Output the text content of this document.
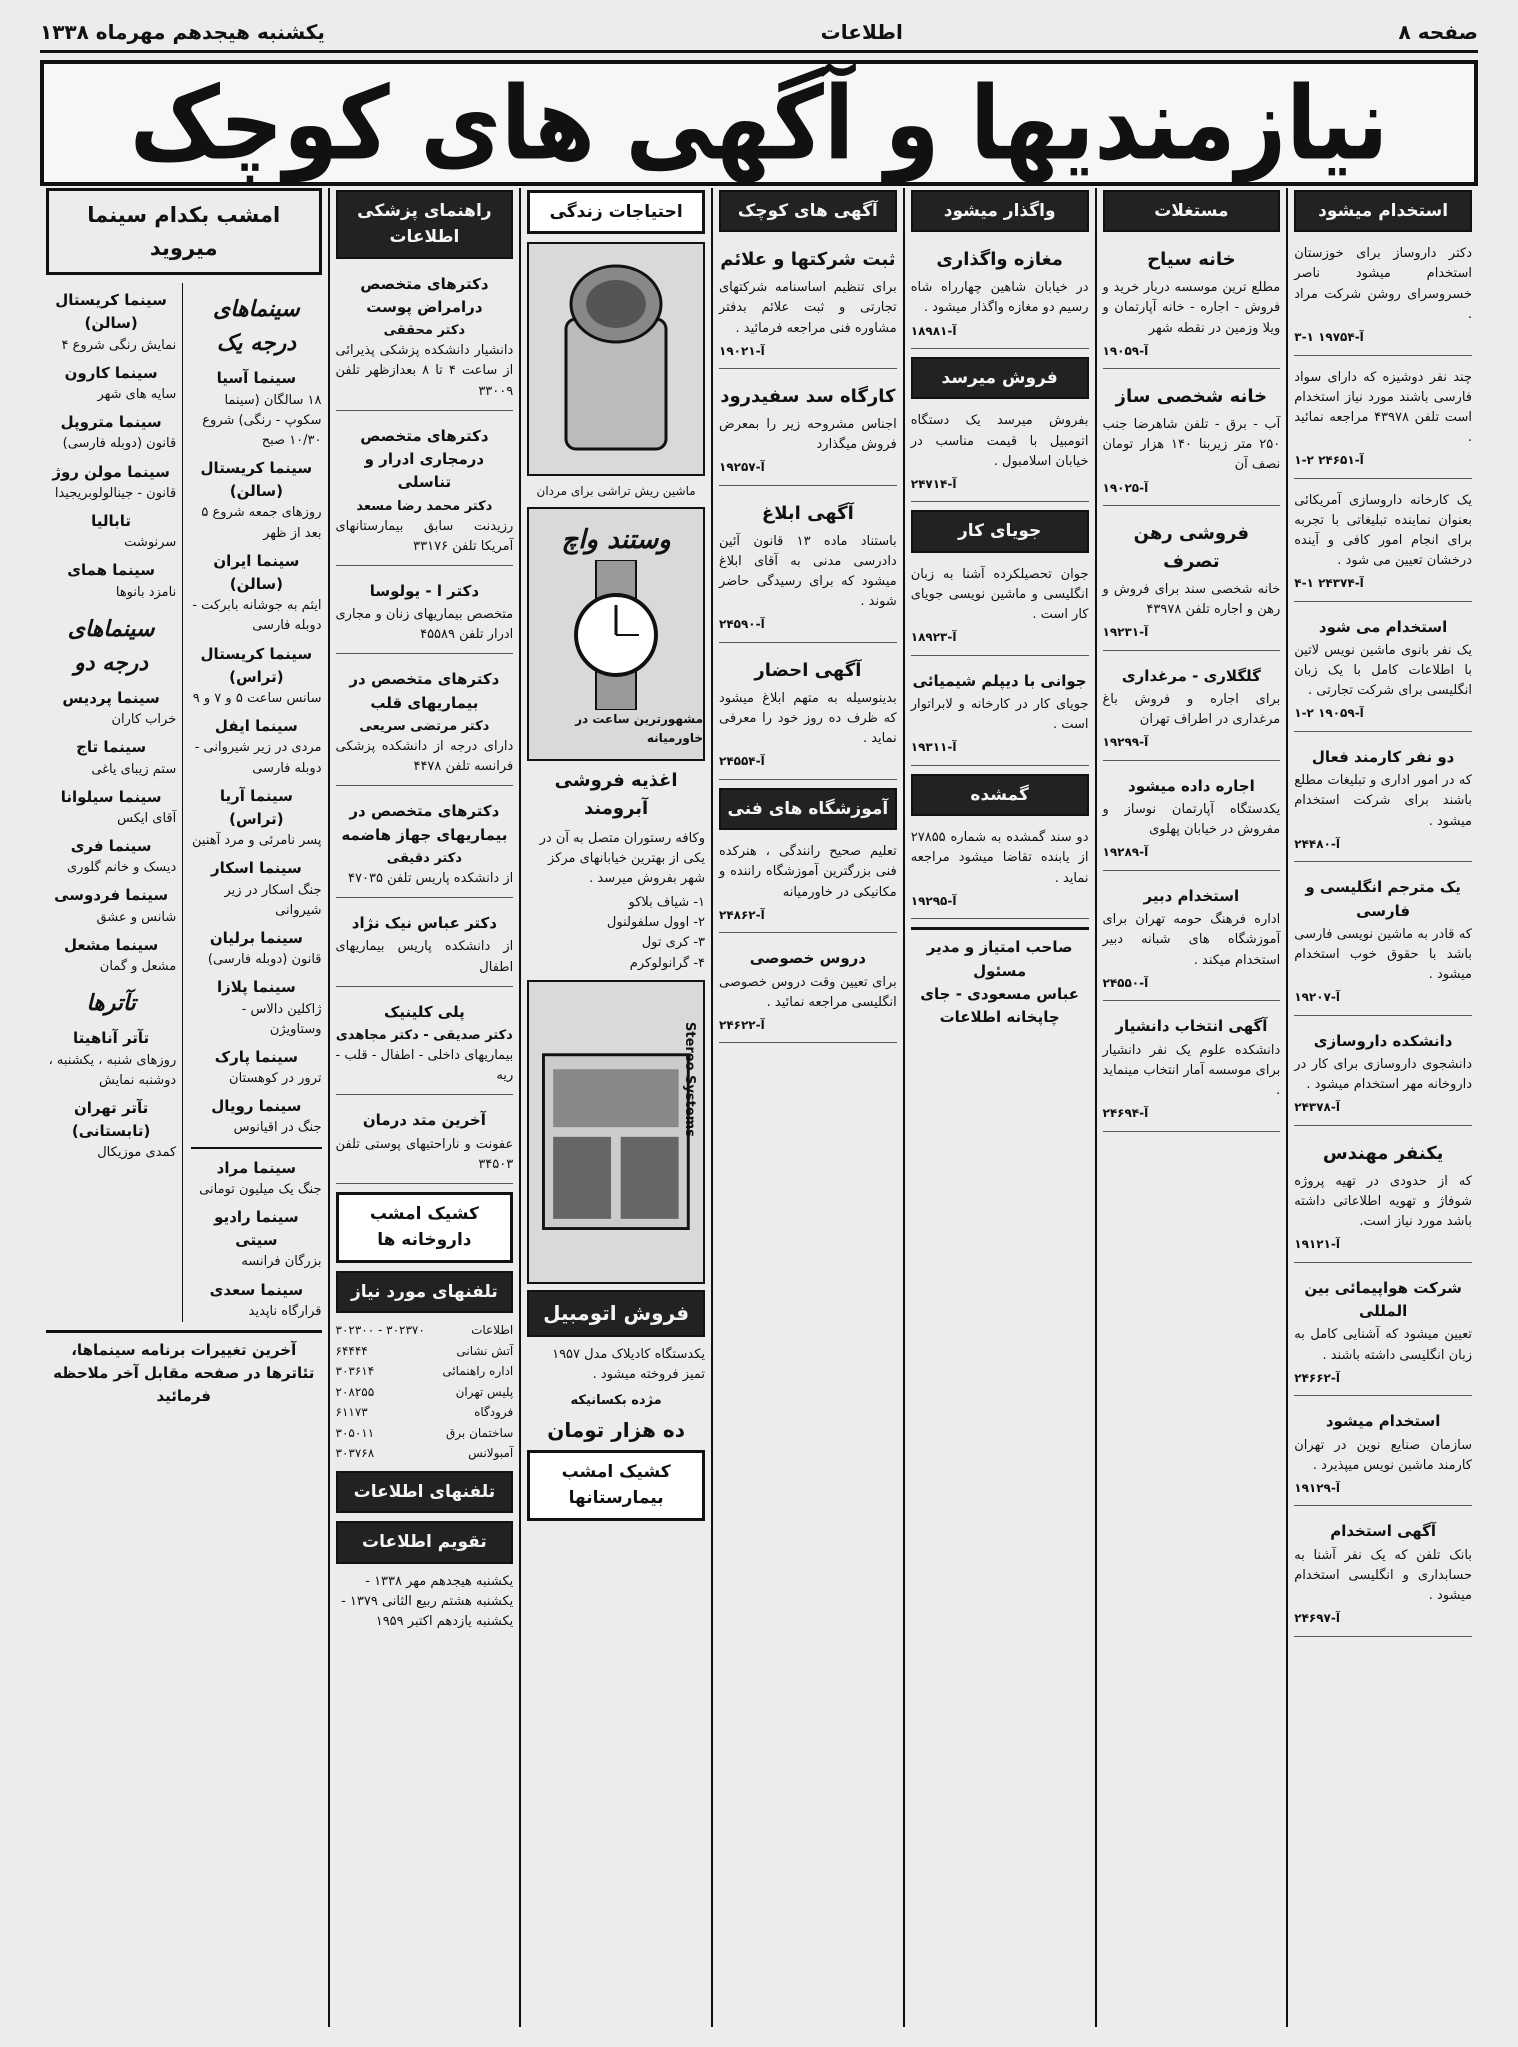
صفحه ۸
اطلاعات
یکشنبه هیجدهم مهرماه ۱۳۳۸
نیازمندیها و آگهی های کوچک
استخدام میشود

دکتر داروساز برای خوزستان استخدام میشود ناصر خسروسرای روشن شرکت مراد .

۳-۱ آ-۱۹۷۵۴

چند نفر دوشیزه که دارای سواد فارسی باشند مورد نیاز استخدام است تلفن ۴۳۹۷۸ مراجعه نمائید .

۱-۲ آ-۲۴۶۵۱

یک کارخانه داروسازی آمریکائی بعنوان نماینده تبلیغاتی با تجربه برای انجام امور کافی و آینده درخشان تعیین می شود .

۴-۱ آ-۲۴۳۷۴
استخدام می شود

یک نفر بانوی ماشین نویس لاتین با اطلاعات کامل با یک زبان انگلیسی برای شرکت تجارتی .

۱-۲ آ-۱۹۰۵۹
دو نفر کارمند فعال

که در امور اداری و تبلیغات مطلع باشند برای شرکت استخدام میشود .

آ-۲۴۴۸۰
یک مترجم انگلیسی و فارسی

که قادر به ماشین نویسی فارسی باشد با حقوق خوب استخدام میشود .

آ-۱۹۲۰۷
دانشکده داروسازی

دانشجوی داروسازی برای کار در داروخانه مهر استخدام میشود .

آ-۲۴۳۷۸
یکنفر مهندس

که از حدودی در تهیه پروژه شوفاژ و تهویه اطلاعاتی داشته باشد مورد نیاز است.

آ-۱۹۱۲۱
شرکت هواپیمائی بین المللی

تعیین میشود که آشنایی کامل به زبان انگلیسی داشته باشند .

آ-۲۴۶۶۲
استخدام میشود

سازمان صنایع نوین در تهران کارمند ماشین نویس میپذیرد .

آ-۱۹۱۲۹
آگهی استخدام

بانک تلفن که یک نفر آشنا به حسابداری و انگلیسی استخدام میشود .

آ-۲۴۶۹۷
مستغلات
خانه سیاح

مطلع ترین موسسه دربار خرید و فروش - اجاره - خانه آپارتمان و ویلا وزمین در نقطه شهر

آ-۱۹۰۵۹
خانه شخصی ساز

آب - برق - تلفن شاهرضا جنب ۲۵۰ متر زیربنا ۱۴۰ هزار تومان نصف آن

آ-۱۹۰۲۵
فروشی رهن تصرف

خانه شخصی سند برای فروش و رهن و اجاره تلفن ۴۳۹۷۸

آ-۱۹۲۳۱
گلگلاری - مرغداری

برای اجاره و فروش باغ مرغداری در اطراف تهران

آ-۱۹۲۹۹
اجاره داده میشود

یکدستگاه آپارتمان نوساز و مفروش در خیابان پهلوی

آ-۱۹۲۸۹
استخدام دبیر

اداره فرهنگ حومه تهران برای آموزشگاه های شبانه دبیر استخدام میکند .

آ-۲۴۵۵۰
آگهی انتخاب دانشیار

دانشکده علوم یک نفر دانشیار برای موسسه آمار انتخاب مینماید .

آ-۲۴۶۹۴
واگذار میشود
مغازه واگذاری

در خیابان شاهین چهارراه شاه رسیم دو مغازه واگذار میشود .

آ-۱۸۹۸۱
فروش میرسد

بفروش میرسد یک دستگاه اتومبیل با قیمت مناسب در خیابان اسلامبول .

آ-۲۴۷۱۴
جویای کار

جوان تحصیلکرده آشنا به زبان انگلیسی و ماشین نویسی جویای کار است .

آ-۱۸۹۲۳
جوانی با دیپلم شیمیائی

جویای کار در کارخانه و لابراتوار است .

آ-۱۹۳۱۱
گمشده

دو سند گمشده به شماره ۲۷۸۵۵ از یابنده تقاضا میشود مراجعه نماید .

آ-۱۹۲۹۵
صاحب امتیاز و مدیر مسئول
عباس مسعودی - جای چاپخانه اطلاعات
آگهی های کوچک
ثبت شرکتها و علائم

برای تنظیم اساسنامه شرکتهای تجارتی و ثبت علائم بدفتر مشاوره فنی مراجعه فرمائید .

آ-۱۹۰۲۱
کارگاه سد سفیدرود

اجناس مشروحه زیر را بمعرض فروش میگذارد

آ-۱۹۲۵۷
آگهی ابلاغ

باستناد ماده ۱۳ قانون آئین دادرسی مدنی به آقای ابلاغ میشود که برای رسیدگی حاضر شوند .

آ-۲۴۵۹۰
آگهی احضار

بدینوسیله به متهم ابلاغ میشود که ظرف ده روز خود را معرفی نماید .

آ-۲۴۵۵۴
آموزشگاه های فنی

تعلیم صحیح رانندگی ، هنرکده فنی بزرگترین آموزشگاه راننده و مکانیکی در خاورمیانه

آ-۲۴۸۶۲
دروس خصوصی

برای تعیین وقت دروس خصوصی انگلیسی مراجعه نمائید .

آ-۲۴۶۲۲
احتیاجات زندگی
ماشین ریش تراشی برای مردان
وستند واچ
مشهورترین ساعت در خاورمیانه
اغذیه فروشی آبرومند

وکافه رستوران متصل به آن در یکی از بهترین خیابانهای مرکز شهر بفروش میرسد .

۱- شیاف بلاکو
۲- اوول سلفولنول
۳- کری تول
۴- گرانولوکرم
Stereo Systems
فروش اتومبیل

یکدستگاه کادیلاک مدل ۱۹۵۷ تمیز فروخته میشود .

مژده بکسانیکه
ده هزار تومان
کشیک امشب بیمارستانها
راهنمای پزشکی اطلاعات
دکترهای متخصص درامراض پوست
دکتر محققی

دانشیار دانشکده پزشکی پذیرائی از ساعت ۴ تا ۸ بعدازظهر تلفن ۳۳۰۰۹

دکترهای متخصص درمجاری ادرار و تناسلی
دکتر محمد رضا مسعد

رزیدنت سابق بیمارستانهای آمریکا تلفن ۳۳۱۷۶

دکتر ا - یولوسا

متخصص بیماریهای زنان و مجاری ادرار تلفن ۴۵۵۸۹

دکترهای متخصص در بیماریهای قلب
دکتر مرتضی سریعی

دارای درجه از دانشکده پزشکی فرانسه تلفن ۴۴۷۸

دکترهای متخصص در بیماریهای جهاز هاضمه
دکتر دقیقی

از دانشکده پاریس تلفن ۴۷۰۳۵

دکتر عباس نیک نژاد

از دانشکده پاریس بیماریهای اطفال

پلی کلینیک
دکتر صدیقی - دکتر مجاهدی

بیماریهای داخلی - اطفال - قلب - ریه

آخرین متد درمان

عفونت و ناراحتیهای پوستی تلفن ۳۴۵۰۳

کشیک امشب داروخانه ها
تلفنهای مورد نیاز
اطلاعات
۳۰۲۳۷۰ - ۳۰۲۳۰۰
آتش نشانی
۶۴۴۴۴
اداره راهنمائی
۳۰۳۶۱۴
پلیس تهران
۲۰۸۲۵۵
فرودگاه
۶۱۱۷۳
ساختمان برق
۳۰۵۰۱۱
آمبولانس
۳۰۳۷۶۸
تلفنهای اطلاعات
تقویم اطلاعات

یکشنبه هیجدهم مهر ۱۳۳۸ - یکشنبه هشتم ربیع الثانی ۱۳۷۹ - یکشنبه یازدهم اکتبر ۱۹۵۹

امشب بکدام سینما میروید
سینماهای درجه یک
سینما آسیا
۱۸ سالگان (سینما سکوپ - رنگی) شروع ۱۰/۳۰ صبح
سینما کریستال (سالن)
روزهای جمعه شروع ۵ بعد از ظهر
سینما ایران (سالن)
ایثم به جوشانه بابرکت - دوبله فارسی
سینما کریستال (تراس)
سانس ساعت ۵ و ۷ و ۹
سینما ایفل
مردی در زیر شیروانی - دوبله فارسی
سینما آریا (تراس)
پسر نامرئی و مرد آهنین
سینما اسکار
جنگ اسکار در زیر شیروانی
سینما برلیان
قانون (دوبله فارسی)
سینما پلازا
ژاکلین دالاس - وستاویژن
سینما پارک
ترور در کوهستان
سینما رویال
جنگ در اقیانوس
سینما مراد
جنگ یک میلیون تومانی
سینما رادیو سیتی
بزرگان فرانسه
سینما سعدی
قرارگاه ناپدید
سینما کریستال (سالن)
نمایش رنگی شروع ۴
سینما کارون
سایه های شهر
سینما متروپل
قانون (دوبله فارسی)
سینما مولن روژ
قانون - جینالولوبریجیدا
تابالیا
سرنوشت
سینما همای
نامزد بانوها
سینماهای درجه دو
سینما پردیس
خراب کاران
سینما تاج
ستم زیبای یاغی
سینما سیلوانا
آقای ایکس
سینما فری
دیسک و خانم گلوری
سینما فردوسی
شانس و عشق
سینما مشعل
مشعل و گمان
تآترها
تآتر آناهیتا
روزهای شنبه ، یکشنبه ، دوشنبه نمایش
تآتر تهران (تابستانی)
کمدی موزیکال
آخرین تغییرات برنامه سینماها، تئاترها در صفحه مقابل آخر ملاحظه فرمائید
